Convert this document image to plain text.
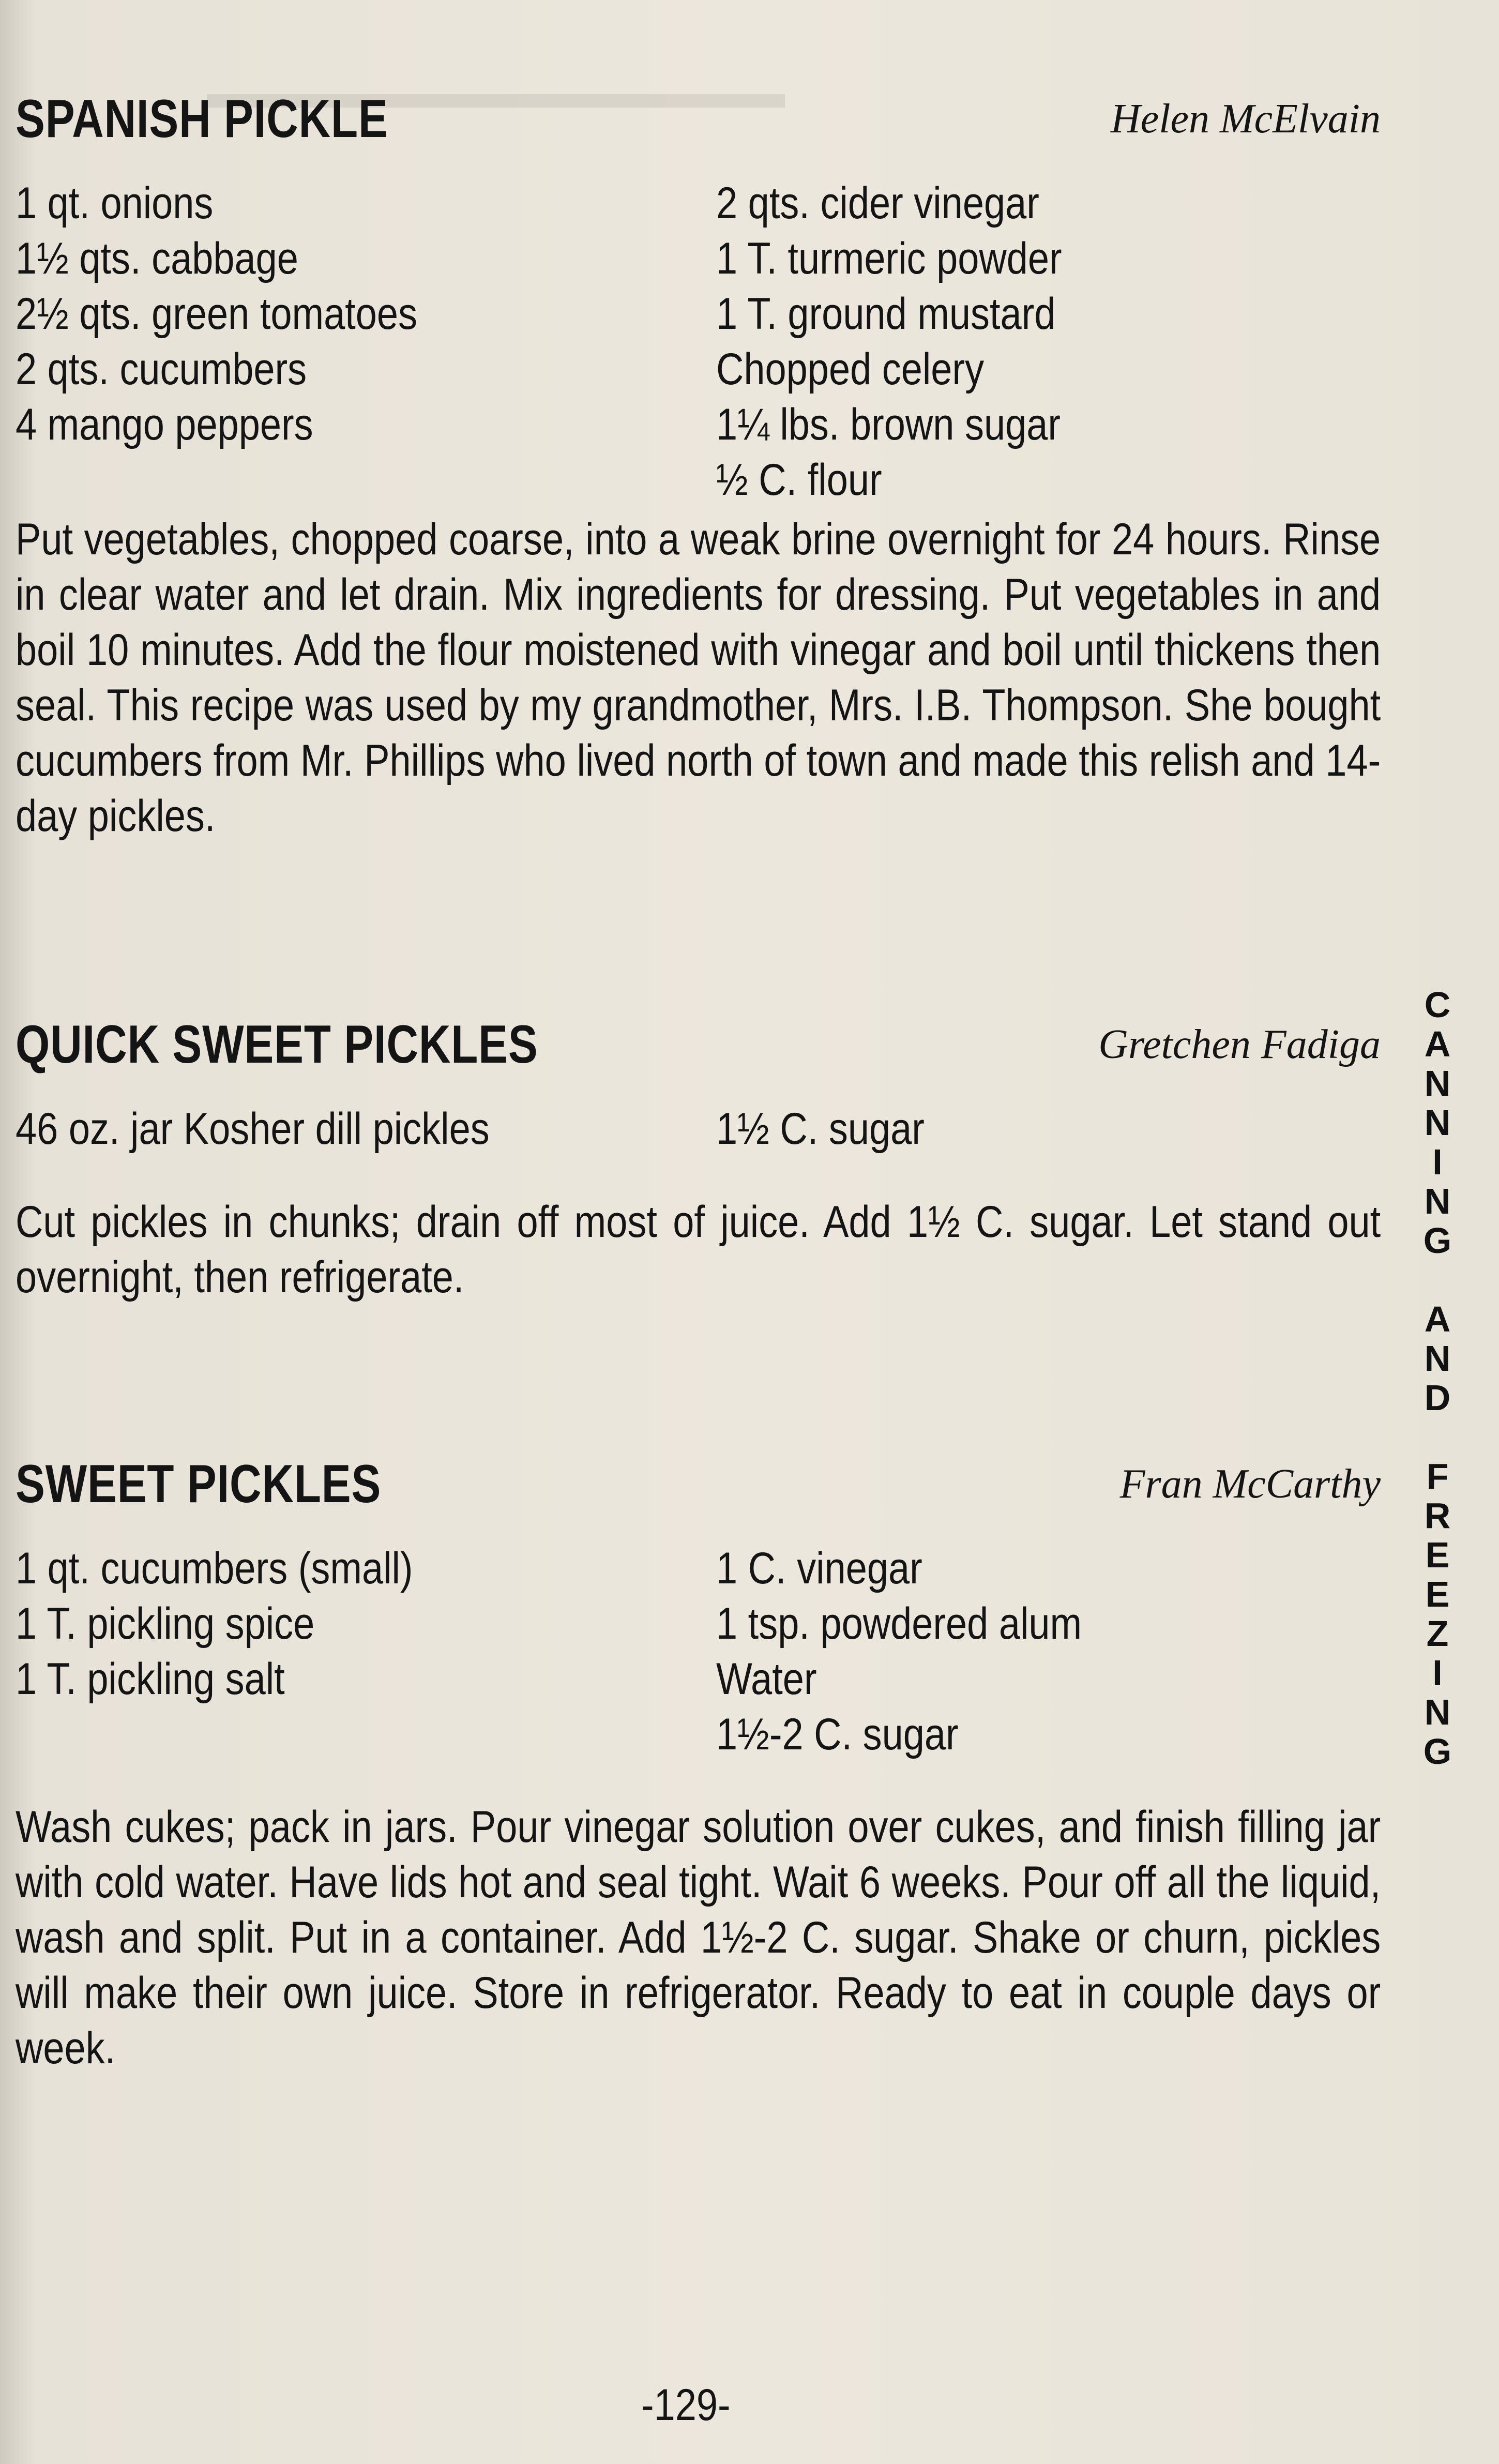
▬▬▬▬▬▬▬▬▬▬▬▬▬
SPANISH PICKLE	Helen McElvain
1 qt. onions
1½ qts. cabbage
2½ qts. green tomatoes
2 qts. cucumbers
4 mango peppers
2 qts. cider vinegar
1 T. turmeric powder
1 T. ground mustard
Chopped celery
1¼ lbs. brown sugar
½ C. flour
Put vegetables, chopped coarse, into a weak brine overnight for 24 hours. Rinse in clear water and let drain. Mix ingredients for dressing. Put vegetables in and boil 10 minutes. Add the flour moistened with vinegar and boil until thickens then seal. This recipe was used by my grandmother, Mrs. I.B. Thompson. She bought cucumbers from Mr. Phillips who lived north of town and made this relish and 14-day pickles.
QUICK SWEET PICKLES	Gretchen Fadiga
46 oz. jar Kosher dill pickles	1½ C. sugar
Cut pickles in chunks; drain off most of juice. Add 1½ C. sugar. Let stand out overnight, then refrigerate.
SWEET PICKLES	Fran McCarthy
1 qt. cucumbers (small)
1 T. pickling spice
1 T. pickling salt
1 C. vinegar
1 tsp. powdered alum
Water
1½-2 C. sugar
Wash cukes; pack in jars. Pour vinegar solution over cukes, and finish filling jar with cold water. Have lids hot and seal tight. Wait 6 weeks. Pour off all the liquid, wash and split. Put in a container. Add 1½-2 C. sugar. Shake or churn, pickles will make their own juice. Store in refrigerator. Ready to eat in couple days or week.
C
A
N
N
I
N
G
A
N
D
F
R
E
E
Z
I
N
G
-129-
